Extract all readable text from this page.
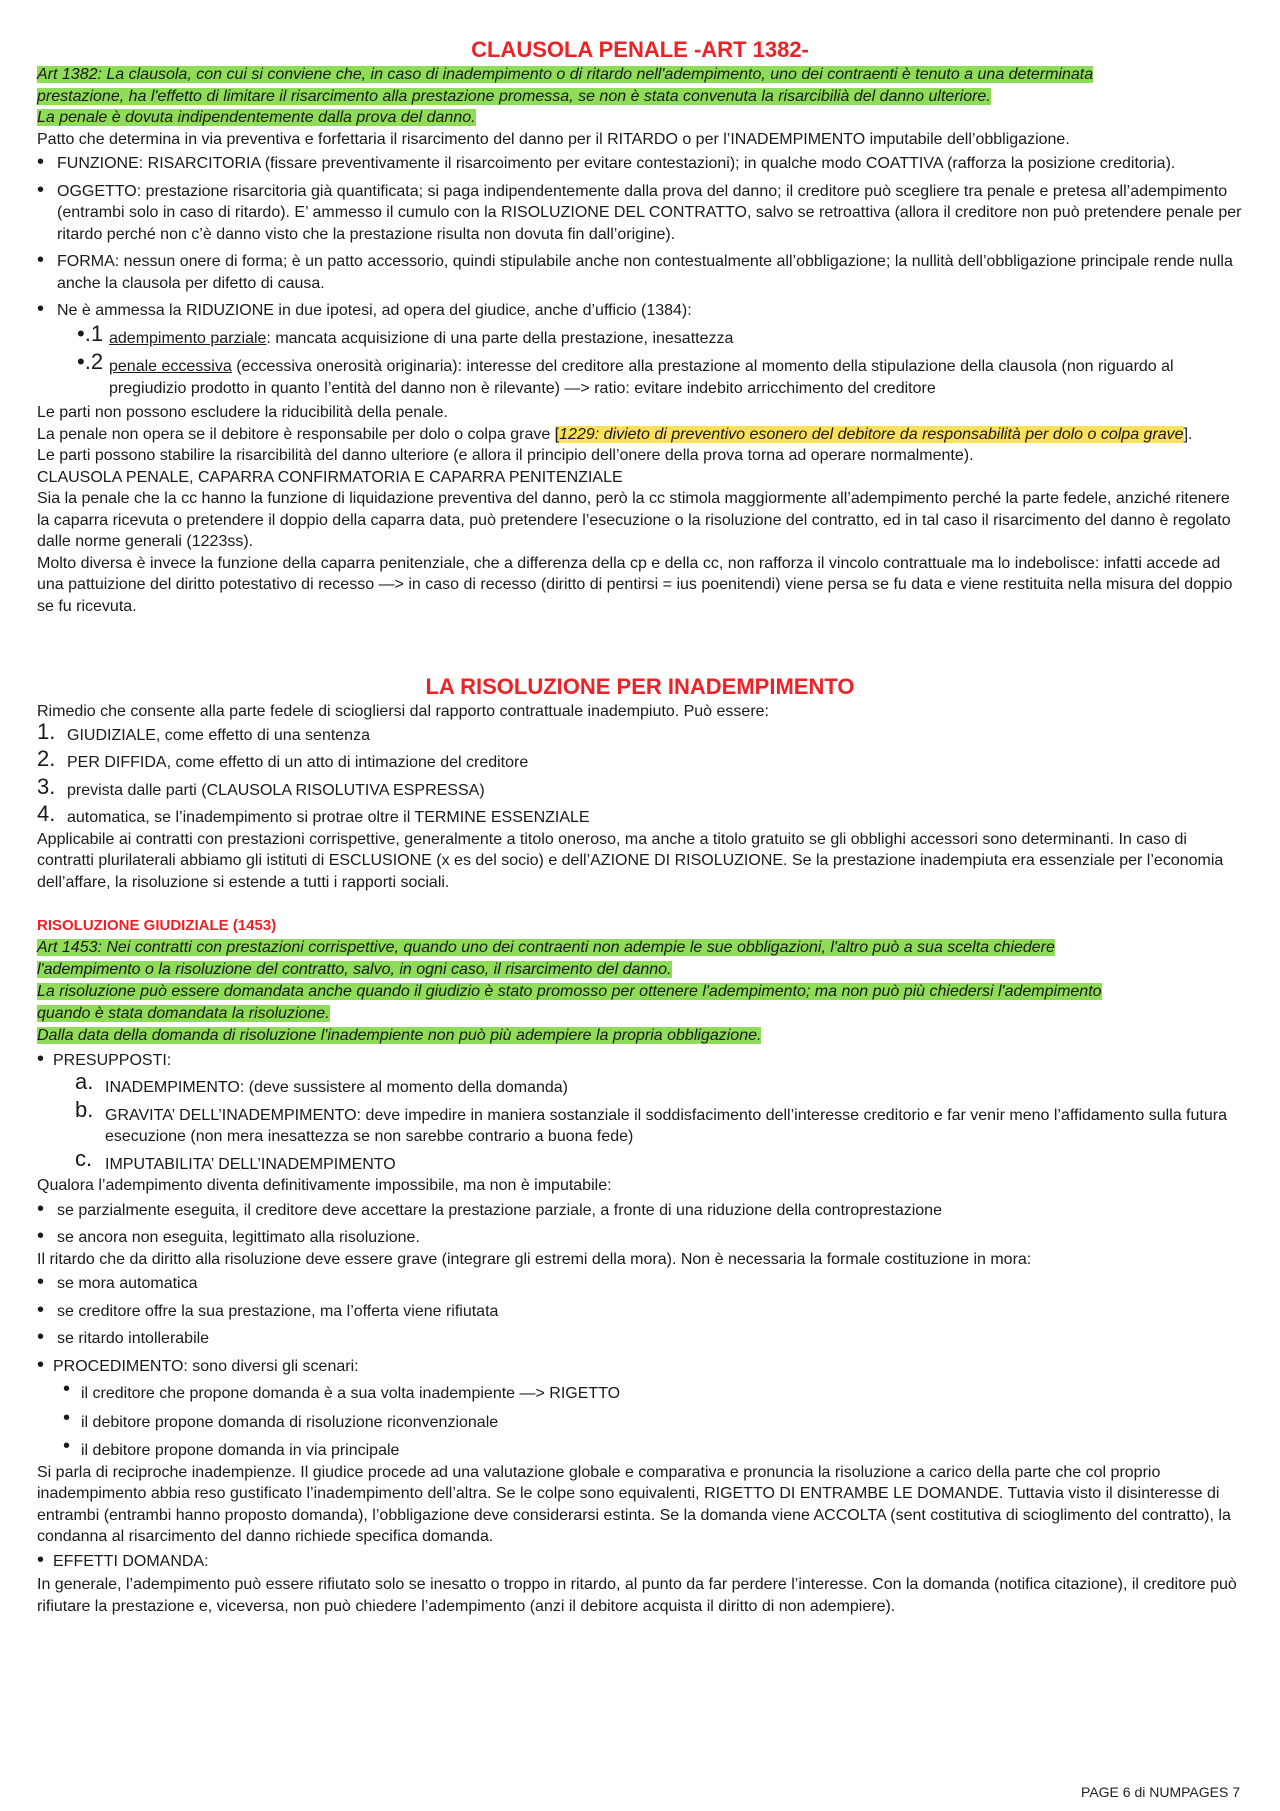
CLAUSOLA PENALE -ART 1382-

Art 1382: La clausola, con cui si conviene che, in caso di inadempimento o di ritardo nell'adempimento, uno dei contraenti è tenuto a una determinata
prestazione, ha l'effetto di limitare il risarcimento alla prestazione promessa, se non è stata convenuta la risarcibilià del danno ulteriore.
La penale è dovuta indipendentemente dalla prova del danno.

Patto che determina in via preventiva e forfettaria il risarcimento del danno per il RITARDO o per l’INADEMPIMENTO imputabile dell’obbligazione.

• FUNZIONE: RISARCITORIA (fissare preventivamente il risarcoimento per evitare contestazioni); in qualche modo COATTIVA (rafforza la posizione creditoria).
• OGGETTO: prestazione risarcitoria già quantificata; si paga indipendentemente dalla prova del danno; il creditore può scegliere tra penale e pretesa all’adempimento (entrambi solo in caso di ritardo). E’ ammesso il cumulo con la RISOLUZIONE DEL CONTRATTO, salvo se retroattiva (allora il creditore non può pretendere penale per ritardo perché non c’è danno visto che la prestazione risulta non dovuta fin dall’origine).
• FORMA: nessun onere di forma; è un patto accessorio, quindi stipulabile anche non contestualmente all’obbligazione; la nullità dell’obbligazione principale rende nulla anche la clausola per difetto di causa.
• Ne è ammessa la RIDUZIONE in due ipotesi, ad opera del giudice, anche d’ufficio (1384):
•.1 adempimento parziale: mancata acquisizione di una parte della prestazione, inesattezza
•.2 penale eccessiva (eccessiva onerosità originaria): interesse del creditore alla prestazione al momento della stipulazione della clausola (non riguardo al pregiudizio prodotto in quanto l’entità del danno non è rilevante) —> ratio: evitare indebito arricchimento del creditore

Le parti non possono escludere la riducibilità della penale.

La penale non opera se il debitore è responsabile per dolo o colpa grave [1229: divieto di preventivo esonero del debitore da responsabilità per dolo o colpa grave].

Le parti possono stabilire la risarcibilità del danno ulteriore (e allora il principio dell’onere della prova torna ad operare normalmente).

CLAUSOLA PENALE, CAPARRA CONFIRMATORIA E CAPARRA PENITENZIALE

Sia la penale che la cc hanno la funzione di liquidazione preventiva del danno, però la cc stimola maggiormente all’adempimento perché la parte fedele, anziché ritenere la caparra ricevuta o pretendere il doppio della caparra data, può pretendere l’esecuzione o la risoluzione del contratto, ed in tal caso il risarcimento del danno è regolato dalle norme generali (1223ss).

Molto diversa è invece la funzione della caparra penitenziale, che a differenza della cp e della cc, non rafforza il vincolo contrattuale ma lo indebolisce: infatti accede ad una pattuizione del diritto potestativo di recesso —> in caso di recesso (diritto di pentirsi = ius poenitendi) viene persa se fu data e viene restituita nella misura del doppio se fu ricevuta.

LA RISOLUZIONE PER INADEMPIMENTO

Rimedio che consente alla parte fedele di sciogliersi dal rapporto contrattuale inadempiuto. Può essere:

1. GIUDIZIALE, come effetto di una sentenza
2. PER DIFFIDA, come effetto di un atto di intimazione del creditore
3. prevista dalle parti (CLAUSOLA RISOLUTIVA ESPRESSA)
4. automatica, se l’inadempimento si protrae oltre il TERMINE ESSENZIALE

Applicabile ai contratti con prestazioni corrispettive, generalmente a titolo oneroso, ma anche a titolo gratuito se gli obblighi accessori sono determinanti. In caso di contratti plurilaterali abbiamo gli istituti di ESCLUSIONE (x es del socio) e dell’AZIONE DI RISOLUZIONE. Se la prestazione inadempiuta era essenziale per l’economia dell’affare, la risoluzione si estende a tutti i rapporti sociali.

RISOLUZIONE GIUDIZIALE (1453)

Art 1453: Nei contratti con prestazioni corrispettive, quando uno dei contraenti non adempie le sue obbligazioni, l'altro può a sua scelta chiedere
l'adempimento o la risoluzione del contratto, salvo, in ogni caso, il risarcimento del danno.
La risoluzione può essere domandata anche quando il giudizio è stato promosso per ottenere l'adempimento; ma non può più chiedersi l'adempimento
quando è stata domandata la risoluzione.
Dalla data della domanda di risoluzione l'inadempiente non può più adempiere la propria obbligazione.

• PRESUPPOSTI:
a. INADEMPIMENTO: (deve sussistere al momento della domanda)
b. GRAVITA’ DELL’INADEMPIMENTO: deve impedire in maniera sostanziale il soddisfacimento dell’interesse creditorio e far venir meno l’affidamento sulla futura esecuzione (non mera inesattezza se non sarebbe contrario a buona fede)
c. IMPUTABILITA’ DELL’INADEMPIMENTO

Qualora l’adempimento diventa definitivamente impossibile, ma non è imputabile:

• se parzialmente eseguita, il creditore deve accettare la prestazione parziale, a fronte di una riduzione della controprestazione
• se ancora non eseguita, legittimato alla risoluzione.

Il ritardo che da diritto alla risoluzione deve essere grave (integrare gli estremi della mora). Non è necessaria la formale costituzione in mora:

• se mora automatica
• se creditore offre la sua prestazione, ma l’offerta viene rifiutata
• se ritardo intollerabile
• PROCEDIMENTO: sono diversi gli scenari:
• il creditore che propone domanda è a sua volta inadempiente —> RIGETTO
• il debitore propone domanda di risoluzione riconvenzionale
• il debitore propone domanda in via principale

Si parla di reciproche inadempienze. Il giudice procede ad una valutazione globale e comparativa e pronuncia la risoluzione a carico della parte che col proprio inadempimento abbia reso gustificato l’inadempimento dell’altra. Se le colpe sono equivalenti, RIGETTO DI ENTRAMBE LE DOMANDE. Tuttavia visto il disinteresse di entrambi (entrambi hanno proposto domanda), l’obbligazione deve considerarsi estinta. Se la domanda viene ACCOLTA (sent costitutiva di scioglimento del contratto), la condanna al risarcimento del danno richiede specifica domanda.

• EFFETTI DOMANDA:

In generale, l’adempimento può essere rifiutato solo se inesatto o troppo in ritardo, al punto da far perdere l’interesse. Con la domanda (notifica citazione), il creditore può rifiutare la prestazione e, viceversa, non può chiedere l’adempimento (anzi il debitore acquista il diritto di non adempiere).

PAGE 6 di NUMPAGES 7
